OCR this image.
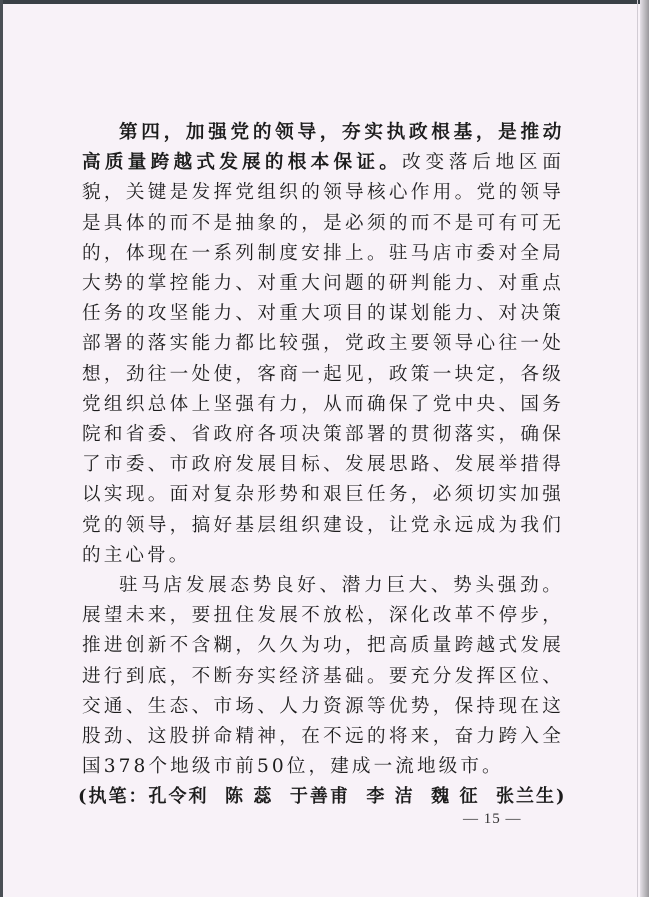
第四，加强党的领导，夯实执政根基，是推动高质量跨越式发展的根本保证。改变落后地区面貌，关键是发挥党组织的领导核心作用。党的领导是具体的而不是抽象的，是必须的而不是可有可无的，体现在一系列制度安排上。驻马店市委对全局大势的掌控能力、对重大问题的研判能力、对重点任务的攻坚能力、对重大项目的谋划能力、对决策部署的落实能力都比较强，党政主要领导心往一处想，劲往一处使，客商一起见，政策一块定，各级党组织总体上坚强有力，从而确保了党中央、国务院和省委、省政府各项决策部署的贯彻落实，确保了市委、市政府发展目标、发展思路、发展举措得以实现。面对复杂形势和艰巨任务，必须切实加强党的领导，搞好基层组织建设，让党永远成为我们的主心骨。

驻马店发展态势良好、潜力巨大、势头强劲。展望未来，要扭住发展不放松，深化改革不停步，推进创新不含糊，久久为功，把高质量跨越式发展进行到底，不断夯实经济基础。要充分发挥区位、交通、生态、市场、人力资源等优势，保持现在这股劲、这股拼命精神，在不远的将来，奋力跨入全国378个地级市前50位，建成一流地级市。

(执笔：孔令利  陈 蕊  于善甫  李 洁  魏 征  张兰生)

— 15 —
